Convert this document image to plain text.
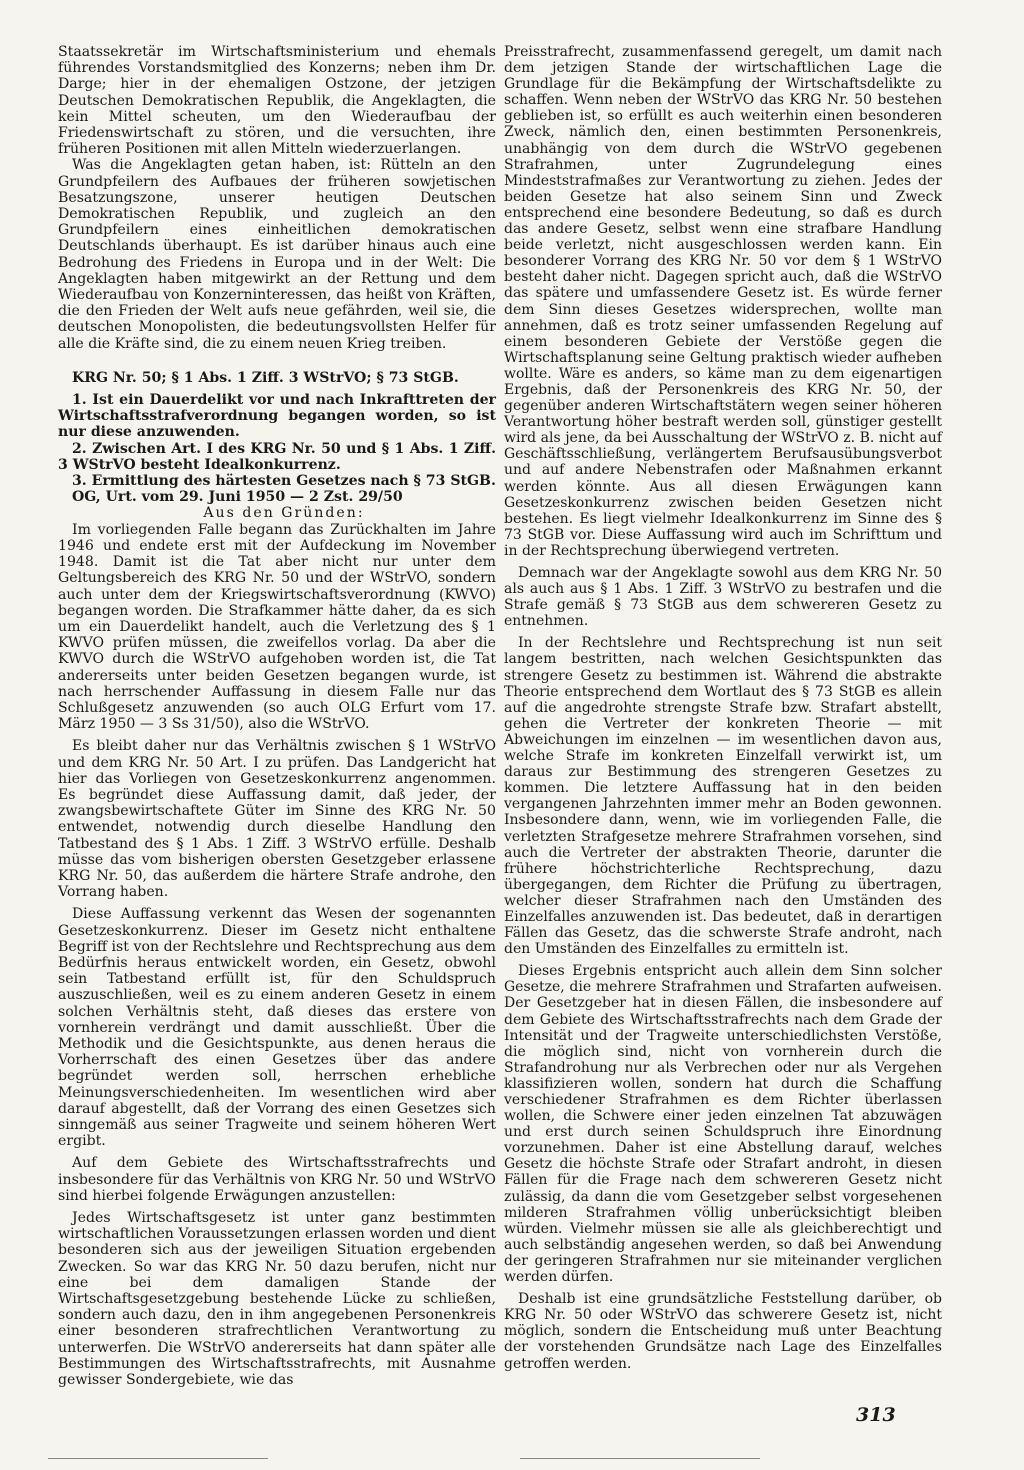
Staatssekretär im Wirtschaftsministerium und ehemals führendes Vorstandsmitglied des Konzerns; neben ihm Dr. Darge; hier in der ehemaligen Ostzone, der jetzigen Deutschen Demokratischen Republik, die Angeklagten, die kein Mittel scheuten, um den Wiederaufbau der Friedenswirtschaft zu stören, und die versuchten, ihre früheren Positionen mit allen Mitteln wiederzuerlangen.

Was die Angeklagten getan haben, ist: Rütteln an den Grundpfeilern des Aufbaues der früheren sowjetischen Besatzungszone, unserer heutigen Deutschen Demokratischen Republik, und zugleich an den Grundpfeilern eines einheitlichen demokratischen Deutschlands überhaupt. Es ist darüber hinaus auch eine Bedrohung des Friedens in Europa und in der Welt: Die Angeklagten haben mitgewirkt an der Rettung und dem Wiederaufbau von Konzerninteressen, das heißt von Kräften, die den Frieden der Welt aufs neue gefährden, weil sie, die deutschen Monopolisten, die bedeutungsvollsten Helfer für alle die Kräfte sind, die zu einem neuen Krieg treiben.

KRG Nr. 50; § 1 Abs. 1 Ziff. 3 WStrVO; § 73 StGB.

1. Ist ein Dauerdelikt vor und nach Inkrafttreten der Wirtschaftsstrafverordnung begangen worden, so ist nur diese anzuwenden.

2. Zwischen Art. I des KRG Nr. 50 und § 1 Abs. 1 Ziff. 3 WStrVO besteht Idealkonkurrenz.

3. Ermittlung des härtesten Gesetzes nach § 73 StGB.

OG, Urt. vom 29. Juni 1950 — 2 Zst. 29/50

Aus den Gründen:

Im vorliegenden Falle begann das Zurückhalten im Jahre 1946 und endete erst mit der Aufdeckung im November 1948. Damit ist die Tat aber nicht nur unter dem Geltungsbereich des KRG Nr. 50 und der WStrVO, sondern auch unter dem der Kriegswirtschaftsverordnung (KWVO) begangen worden. Die Strafkammer hätte daher, da es sich um ein Dauerdelikt handelt, auch die Verletzung des § 1 KWVO prüfen müssen, die zweifellos vorlag. Da aber die KWVO durch die WStrVO aufgehoben worden ist, die Tat andererseits unter beiden Gesetzen begangen wurde, ist nach herrschender Auffassung in diesem Falle nur das Schlußgesetz anzuwenden (so auch OLG Erfurt vom 17. März 1950 — 3 Ss 31/50), also die WStrVO.

Es bleibt daher nur das Verhältnis zwischen § 1 WStrVO und dem KRG Nr. 50 Art. I zu prüfen. Das Landgericht hat hier das Vorliegen von Gesetzeskonkurrenz angenommen. Es begründet diese Auffassung damit, daß jeder, der zwangsbewirtschaftete Güter im Sinne des KRG Nr. 50 entwendet, notwendig durch dieselbe Handlung den Tatbestand des § 1 Abs. 1 Ziff. 3 WStrVO erfülle. Deshalb müsse das vom bisherigen obersten Gesetzgeber erlassene KRG Nr. 50, das außerdem die härtere Strafe androhe, den Vorrang haben.

Diese Auffassung verkennt das Wesen der sogenannten Gesetzeskonkurrenz. Dieser im Gesetz nicht enthaltene Begriff ist von der Rechtslehre und Rechtsprechung aus dem Bedürfnis heraus entwickelt worden, ein Gesetz, obwohl sein Tatbestand erfüllt ist, für den Schuldspruch auszuschließen, weil es zu einem anderen Gesetz in einem solchen Verhältnis steht, daß dieses das erstere von vornherein verdrängt und damit ausschließt. Über die Methodik und die Gesichtspunkte, aus denen heraus die Vorherrschaft des einen Gesetzes über das andere begründet werden soll, herrschen erhebliche Meinungsverschiedenheiten. Im wesentlichen wird aber darauf abgestellt, daß der Vorrang des einen Gesetzes sich sinngemäß aus seiner Tragweite und seinem höheren Wert ergibt.

Auf dem Gebiete des Wirtschaftsstrafrechts und insbesondere für das Verhältnis von KRG Nr. 50 und WStrVO sind hierbei folgende Erwägungen anzustellen:

Jedes Wirtschaftsgesetz ist unter ganz bestimmten wirtschaftlichen Voraussetzungen erlassen worden und dient besonderen sich aus der jeweiligen Situation ergebenden Zwecken. So war das KRG Nr. 50 dazu berufen, nicht nur eine bei dem damaligen Stande der Wirtschaftsgesetzgebung bestehende Lücke zu schließen, sondern auch dazu, den in ihm angegebenen Personenkreis einer besonderen strafrechtlichen Verantwortung zu unterwerfen. Die WStrVO andererseits hat dann später alle Bestimmungen des Wirtschaftsstrafrechts, mit Ausnahme gewisser Sondergebiete, wie das

Preisstrafrecht, zusammenfassend geregelt, um damit nach dem jetzigen Stande der wirtschaftlichen Lage die Grundlage für die Bekämpfung der Wirtschaftsdelikte zu schaffen. Wenn neben der WStrVO das KRG Nr. 50 bestehen geblieben ist, so erfüllt es auch weiterhin einen besonderen Zweck, nämlich den, einen bestimmten Personenkreis, unabhängig von dem durch die WStrVO gegebenen Strafrahmen, unter Zugrundelegung eines Mindeststrafmaßes zur Verantwortung zu ziehen. Jedes der beiden Gesetze hat also seinem Sinn und Zweck entsprechend eine besondere Bedeutung, so daß es durch das andere Gesetz, selbst wenn eine strafbare Handlung beide verletzt, nicht ausgeschlossen werden kann. Ein besonderer Vorrang des KRG Nr. 50 vor dem § 1 WStrVO besteht daher nicht. Dagegen spricht auch, daß die WStrVO das spätere und umfassendere Gesetz ist. Es würde ferner dem Sinn dieses Gesetzes widersprechen, wollte man annehmen, daß es trotz seiner umfassenden Regelung auf einem besonderen Gebiete der Verstöße gegen die Wirtschaftsplanung seine Geltung praktisch wieder aufheben wollte. Wäre es anders, so käme man zu dem eigenartigen Ergebnis, daß der Personenkreis des KRG Nr. 50, der gegenüber anderen Wirtschaftstätern wegen seiner höheren Verantwortung höher bestraft werden soll, günstiger gestellt wird als jene, da bei Ausschaltung der WStrVO z. B. nicht auf Geschäftsschließung, verlängertem Berufsausübungsverbot und auf andere Nebenstrafen oder Maßnahmen erkannt werden könnte. Aus all diesen Erwägungen kann Gesetzeskonkurrenz zwischen beiden Gesetzen nicht bestehen. Es liegt vielmehr Idealkonkurrenz im Sinne des § 73 StGB vor. Diese Auffassung wird auch im Schrifttum und in der Rechtsprechung überwiegend vertreten.

Demnach war der Angeklagte sowohl aus dem KRG Nr. 50 als auch aus § 1 Abs. 1 Ziff. 3 WStrVO zu bestrafen und die Strafe gemäß § 73 StGB aus dem schwereren Gesetz zu entnehmen.

In der Rechtslehre und Rechtsprechung ist nun seit langem bestritten, nach welchen Gesichtspunkten das strengere Gesetz zu bestimmen ist. Während die abstrakte Theorie entsprechend dem Wortlaut des § 73 StGB es allein auf die angedrohte strengste Strafe bzw. Strafart abstellt, gehen die Vertreter der konkreten Theorie — mit Abweichungen im einzelnen — im wesentlichen davon aus, welche Strafe im konkreten Einzelfall verwirkt ist, um daraus zur Bestimmung des strengeren Gesetzes zu kommen. Die letztere Auffassung hat in den beiden vergangenen Jahrzehnten immer mehr an Boden gewonnen. Insbesondere dann, wenn, wie im vorliegenden Falle, die verletzten Strafgesetze mehrere Strafrahmen vorsehen, sind auch die Vertreter der abstrakten Theorie, darunter die frühere höchstrichterliche Rechtsprechung, dazu übergegangen, dem Richter die Prüfung zu übertragen, welcher dieser Strafrahmen nach den Umständen des Einzelfalles anzuwenden ist. Das bedeutet, daß in derartigen Fällen das Gesetz, das die schwerste Strafe androht, nach den Umständen des Einzelfalles zu ermitteln ist.

Dieses Ergebnis entspricht auch allein dem Sinn solcher Gesetze, die mehrere Strafrahmen und Strafarten aufweisen. Der Gesetzgeber hat in diesen Fällen, die insbesondere auf dem Gebiete des Wirtschaftsstrafrechts nach dem Grade der Intensität und der Tragweite unterschiedlichsten Verstöße, die möglich sind, nicht von vornherein durch die Strafandrohung nur als Verbrechen oder nur als Vergehen klassifizieren wollen, sondern hat durch die Schaffung verschiedener Strafrahmen es dem Richter überlassen wollen, die Schwere einer jeden einzelnen Tat abzuwägen und erst durch seinen Schuldspruch ihre Einordnung vorzunehmen. Daher ist eine Abstellung darauf, welches Gesetz die höchste Strafe oder Strafart androht, in diesen Fällen für die Frage nach dem schwereren Gesetz nicht zulässig, da dann die vom Gesetzgeber selbst vorgesehenen milderen Strafrahmen völlig unberücksichtigt bleiben würden. Vielmehr müssen sie alle als gleichberechtigt und auch selbständig angesehen werden, so daß bei Anwendung der geringeren Strafrahmen nur sie miteinander verglichen werden dürfen.

Deshalb ist eine grundsätzliche Feststellung darüber, ob KRG Nr. 50 oder WStrVO das schwerere Gesetz ist, nicht möglich, sondern die Entscheidung muß unter Beachtung der vorstehenden Grundsätze nach Lage des Einzelfalles getroffen werden.

313
